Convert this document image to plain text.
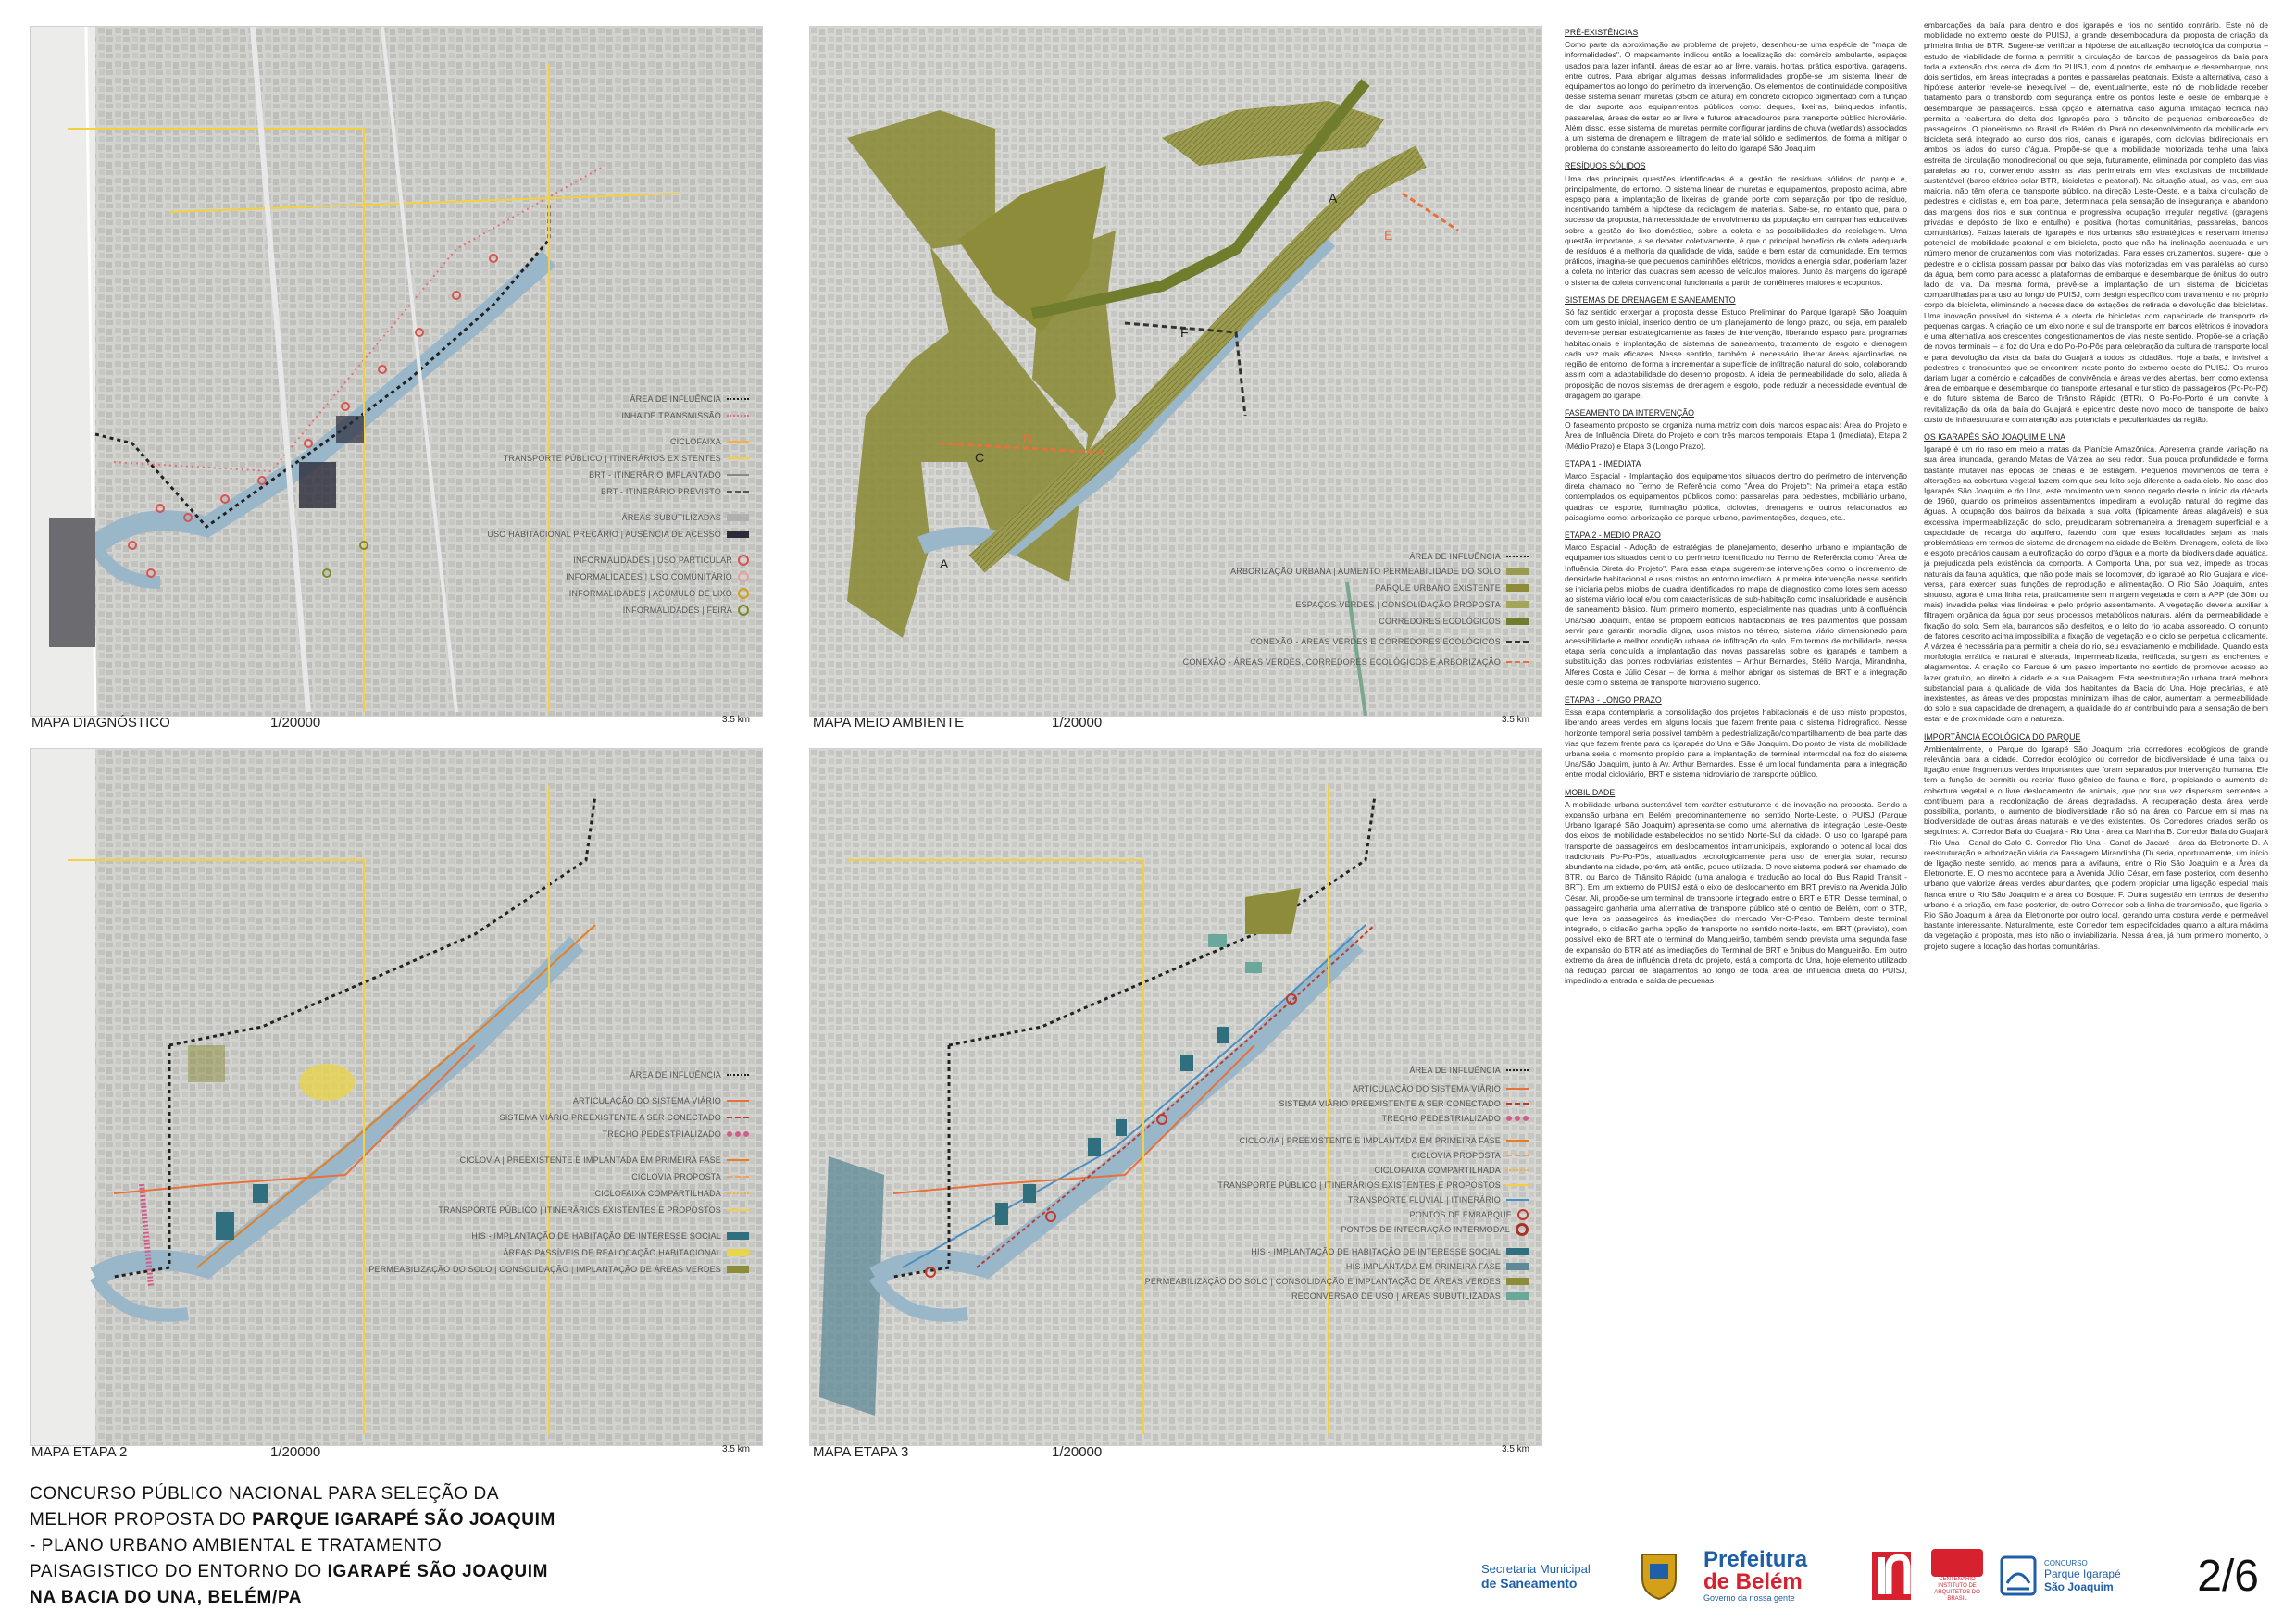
ÁREA DE INFLUÊNCIA
LINHA DE TRANSMISSÃO
CICLOFAIXA
TRANSPORTE PÚBLICO | ITINERÁRIOS EXISTENTES
BRT - ITINERÁRIO IMPLANTADO
BRT - ITINERÁRIO PREVISTO
ÁREAS SUBUTILIZADAS
USO HABITACIONAL PRECÁRIO | AUSÊNCIA DE ACESSO
INFORMALIDADES | USO PARTICULAR
INFORMALIDADES | USO COMUNITÁRIO
INFORMALIDADES | ACÚMULO DE LIXO
INFORMALIDADES | FEIRA
MAPA DIAGNÓSTICO	1/20000	3.5 km
A
C
A
E
F
D
ÁREA DE INFLUÊNCIA
ARBORIZAÇÃO URBANA | AUMENTO PERMEABILIDADE DO SOLO
PARQUE URBANO EXISTENTE
ESPAÇOS VERDES | CONSOLIDAÇÃO PROPOSTA
CORREDORES ECOLÓGICOS
CONEXÃO - ÁREAS VERDES E CORREDORES ECOLÓGICOS
CONEXÃO - ÁREAS VERDES, CORREDORES ECOLÓGICOS E ARBORIZAÇÃO
MAPA MEIO AMBIENTE	1/20000	3.5 km
ÁREA DE INFLUÊNCIA
ARTICULAÇÃO DO SISTEMA VIÁRIO
SISTEMA VIÁRIO PREEXISTENTE A SER CONECTADO
TRECHO PEDESTRIALIZADO
CICLOVIA | PREEXISTENTE E IMPLANTADA EM PRIMEIRA FASE
CICLOVIA PROPOSTA
CICLOFAIXA COMPARTILHADA
TRANSPORTE PÚBLICO | ITINERÁRIOS EXISTENTES E PROPOSTOS
HIS - IMPLANTAÇÃO DE HABITAÇÃO DE INTERESSE SOCIAL
ÁREAS PASSÍVEIS DE REALOCAÇÃO HABITACIONAL
PERMEABILIZAÇÃO DO SOLO | CONSOLIDAÇÃO | IMPLANTAÇÃO DE ÁREAS VERDES
MAPA ETAPA 2	1/20000	3.5 km
ÁREA DE INFLUÊNCIA
ARTICULAÇÃO DO SISTEMA VIÁRIO
SISTEMA VIÁRIO PREEXISTENTE A SER CONECTADO
TRECHO PEDESTRIALIZADO
CICLOVIA | PREEXISTENTE E IMPLANTADA EM PRIMEIRA FASE
CICLOVIA PROPOSTA
CICLOFAIXA COMPARTILHADA
TRANSPORTE PÚBLICO | ITINERÁRIOS EXISTENTES E PROPOSTOS
TRANSPORTE FLUVIAL | ITINERÁRIO
PONTOS DE EMBARQUE
PONTOS DE INTEGRAÇÃO INTERMODAL
HIS - IMPLANTAÇÃO DE HABITAÇÃO DE INTERESSE SOCIAL
HIS IMPLANTADA EM PRIMEIRA FASE
PERMEABILIZAÇÃO DO SOLO | CONSOLIDAÇÃO E IMPLANTAÇÃO DE ÁREAS VERDES
RECONVERSÃO DE USO | ÁREAS SUBUTILIZADAS
MAPA ETAPA 3	1/20000	3.5 km
PRÉ-EXISTÊNCIAS

Como parte da aproximação ao problema de projeto, desenhou-se uma espécie de "mapa de informalidades". O mapeamento indicou então a localização de: comércio ambulante, espaços usados para lazer infantil, áreas de estar ao ar livre, varais, hortas, prática esportiva, garagens, entre outros. Para abrigar algumas dessas informalidades propõe-se um sistema linear de equipamentos ao longo do perímetro da intervenção. Os elementos de continuidade compositiva desse sistema seriam muretas (35cm de altura) em concreto ciclópico pigmentado com a função de dar suporte aos equipamentos públicos como: deques, lixeiras, brinquedos infantis, passarelas, áreas de estar ao ar livre e futuros atracadouros para transporte público hidroviário. Além disso, esse sistema de muretas permite configurar jardins de chuva (wetlands) associados a um sistema de drenagem e filtragem de material sólido e sedimentos, de forma a mitigar o problema do constante assoreamento do leito do Igarapé São Joaquim.

RESÍDUOS SÓLIDOS

Uma das principais questões identificadas é a gestão de resíduos sólidos do parque e, principalmente, do entorno. O sistema linear de muretas e equipamentos, proposto acima, abre espaço para a implantação de lixeiras de grande porte com separação por tipo de resíduo, incentivando também a hipótese da reciclagem de materiais. Sabe-se, no entanto que, para o sucesso da proposta, há necessidade de envolvimento da população em campanhas educativas sobre a gestão do lixo doméstico, sobre a coleta e as possibilidades da reciclagem. Uma questão importante, a se debater coletivamente, é que o principal benefício da coleta adequada de resíduos é a melhoria da qualidade de vida, saúde e bem estar da comunidade. Em termos práticos, imagina-se que pequenos caminhões elétricos, movidos a energia solar, poderiam fazer a coleta no interior das quadras sem acesso de veículos maiores. Junto às margens do igarapé o sistema de coleta convencional funcionaria a partir de contêineres maiores e ecopontos.

SISTEMAS DE DRENAGEM E SANEAMENTO

Só faz sentido enxergar a proposta desse Estudo Preliminar do Parque Igarapé São Joaquim com um gesto inicial, inserido dentro de um planejamento de longo prazo, ou seja, em paralelo devem-se pensar estrategicamente as fases de intervenção, liberando espaço para programas habitacionais e implantação de sistemas de saneamento, tratamento de esgoto e drenagem cada vez mais eficazes. Nesse sentido, também é necessário liberar áreas ajardinadas na região de entorno, de forma a incrementar a superfície de infiltração natural do solo, colaborando assim com a adaptabilidade do desenho proposto. A ideia de permeabilidade do solo, aliada à proposição de novos sistemas de drenagem e esgoto, pode reduzir a necessidade eventual de dragagem do igarapé.

FASEAMENTO DA INTERVENÇÃO

O faseamento proposto se organiza numa matriz com dois marcos espaciais: Área do Projeto e Área de Influência Direta do Projeto e com três marcos temporais: Etapa 1 (Imediata), Etapa 2 (Médio Prazo) e Etapa 3 (Longo Prazo).

ETAPA 1 - IMEDIATA

Marco Espacial - Implantação dos equipamentos situados dentro do perímetro de intervenção direta chamado no Termo de Referência como "Área do Projeto": Na primeira etapa estão contemplados os equipamentos públicos como: passarelas para pedestres, mobiliário urbano, quadras de esporte, iluminação pública, ciclovias, drenagens e outros relacionados ao paisagismo como: arborização de parque urbano, pavimentações, deques, etc..

ETAPA 2 - MÉDIO PRAZO

Marco Espacial - Adoção de estratégias de planejamento, desenho urbano e implantação de equipamentos situados dentro do perímetro identificado no Termo de Referência como "Área de Influência Direta do Projeto". Para essa etapa sugerem-se intervenções como o incremento de densidade habitacional e usos mistos no entorno imediato. A primeira intervenção nesse sentido se iniciaria pelos miolos de quadra identificados no mapa de diagnóstico como lotes sem acesso ao sistema viário local e/ou com características de sub-habitação como insalubridade e ausência de saneamento básico. Num primeiro momento, especialmente nas quadras junto à confluência Una/São Joaquim, então se propõem edifícios habitacionais de três pavimentos que possam servir para garantir moradia digna, usos mistos no térreo, sistema viário dimensionado para acessibilidade e melhor condição urbana de infiltração do solo. Em termos de mobilidade, nessa etapa seria concluída a implantação das novas passarelas sobre os igarapés e também a substituição das pontes rodoviárias existentes – Arthur Bernardes, Stélio Maroja, Mirandinha, Alferes Costa e Júlio César – de forma a melhor abrigar os sistemas de BRT e a integração deste com o sistema de transporte hidroviário sugerido.

ETAPA3 - LONGO PRAZO

Essa etapa contemplaria a consolidação dos projetos habitacionais e de uso misto propostos, liberando áreas verdes em alguns locais que fazem frente para o sistema hidrográfico. Nesse horizonte temporal seria possível também a pedestrialização/compartilhamento de boa parte das vias que fazem frente para os igarapés do Una e São Joaquim. Do ponto de vista da mobilidade urbana seria o momento propício para a implantação de terminal intermodal na foz do sistema Una/São Joaquim, junto à Av. Arthur Bernardes. Esse é um local fundamental para a integração entre modal cicloviário, BRT e sistema hidroviário de transporte público.

MOBILIDADE

A mobilidade urbana sustentável tem caráter estruturante e de inovação na proposta. Sendo a expansão urbana em Belém predominantemente no sentido Norte-Leste, o PUISJ (Parque Urbano Igarapé São Joaquim) apresenta-se como uma alternativa de integração Leste-Oeste dos eixos de mobilidade estabelecidos no sentido Norte-Sul da cidade. O uso do Igarapé para transporte de passageiros em deslocamentos intramunicipais, explorando o potencial local dos tradicionais Po-Po-Pôs, atualizados tecnologicamente para uso de energia solar, recurso abundante na cidade, porém, até então, pouco utilizada. O novo sistema poderá ser chamado de BTR, ou Barco de Trânsito Rápido (uma analogia e tradução ao local do Bus Rapid Transit - BRT). Em um extremo do PUISJ está o eixo de deslocamento em BRT previsto na Avenida Júlio César. Ali, propõe-se um terminal de transporte integrado entre o BRT e BTR. Desse terminal, o passageiro ganharia uma alternativa de transporte público até o centro de Belém, com o BTR, que leva os passageiros às imediações do mercado Ver-O-Peso. Também deste terminal integrado, o cidadão ganha opção de transporte no sentido norte-leste, em BRT (previsto), com possível eixo de BRT até o terminal do Mangueirão, também sendo prevista uma segunda fase de expansão do BTR até as imediações do Terminal de BRT e ônibus do Mangueirão. Em outro extremo da área de influência direta do projeto, está a comporta do Una, hoje elemento utilizado na redução parcial de alagamentos ao longo de toda área de influência direta do PUISJ, impedindo a entrada e saída de pequenas

embarcações da baía para dentro e dos igarapés e rios no sentido contrário. Este nó de mobilidade no extremo oeste do PUISJ, a grande desembocadura da proposta de criação da primeira linha de BTR. Sugere-se verificar a hipótese de atualização tecnológica da comporta – estudo de viabilidade de forma a permitir a circulação de barcos de passageiros da baía para toda a extensão dos cerca de 4km do PUISJ, com 4 pontos de embarque e desembarque, nos dois sentidos, em áreas integradas a pontes e passarelas peatonais. Existe a alternativa, caso a hipótese anterior revele-se inexequível – de, eventualmente, este nó de mobilidade receber tratamento para o transbordo com segurança entre os pontos leste e oeste de embarque e desembarque de passageiros. Essa opção é alternativa caso alguma limitação técnica não permita a reabertura do delta dos Igarapés para o trânsito de pequenas embarcações de passageiros. O pioneirismo no Brasil de Belém do Pará no desenvolvimento da mobilidade em bicicleta será integrado ao curso dos rios, canais e igarapés, com ciclovias bidirecionais em ambos os lados do curso d'água. Propõe-se que a mobilidade motorizada tenha uma faixa estreita de circulação monodirecional ou que seja, futuramente, eliminada por completo das vias paralelas ao rio, convertendo assim as vias perimetrais em vias exclusivas de mobilidade sustentável (barco elétrico solar BTR, bicicletas e peatonal). Na situação atual, as vias, em sua maioria, não têm oferta de transporte público, na direção Leste-Oeste, e a baixa circulação de pedestres e ciclistas é, em boa parte, determinada pela sensação de insegurança e abandono das margens dos rios e sua contínua e progressiva ocupação irregular negativa (garagens privadas e depósito de lixo e entulho) e positiva (hortas comunitárias, passarelas, bancos comunitários). Faixas laterais de igarapés e rios urbanos são estratégicas e reservam imenso potencial de mobilidade peatonal e em bicicleta, posto que não há inclinação acentuada e um número menor de cruzamentos com vias motorizadas. Para esses cruzamentos, sugere- que o pedestre e o ciclista possam passar por baixo das vias motorizadas em vias paralelas ao curso da água, bem como para acesso a plataformas de embarque e desembarque de ônibus do outro lado da via. Da mesma forma, prevê-se a implantação de um sistema de bicicletas compartilhadas para uso ao longo do PUISJ, com design específico com travamento e no próprio corpo da bicicleta, eliminando a necessidade de estações de retirada e devolução das bicicletas. Uma inovação possível do sistema é a oferta de bicicletas com capacidade de transporte de pequenas cargas. A criação de um eixo norte e sul de transporte em barcos elétricos é inovadora e uma alternativa aos crescentes congestionamentos de vias neste sentido. Propõe-se a criação de novos terminais – a foz do Una e do Po-Po-Pôs para celebração da cultura de transporte local e para devolução da vista da baía do Guajará a todos os cidadãos. Hoje a baía, é invisível a pedestres e transeuntes que se encontrem neste ponto do extremo oeste do PUISJ. Os muros dariam lugar a comércio e calçadões de convivência e áreas verdes abertas, bem como extensa área de embarque e desembarque do transporte artesanal e turístico de passageiros (Po-Po-Pô) e do futuro sistema de Barco de Trânsito Rápido (BTR). O Po-Po-Porto é um convite à revitalização da orla da baía do Guajará e epicentro deste novo modo de transporte de baixo custo de infraestrutura e com atenção aos potenciais e peculiaridades da região.

OS IGARAPÉS SÃO JOAQUIM E UNA

Igarapé é um rio raso em meio a matas da Planície Amazônica. Apresenta grande variação na sua área inundada, gerando Matas de Várzea ao seu redor. Sua pouca profundidade e forma bastante mutável nas épocas de cheias e de estiagem. Pequenos movimentos de terra e alterações na cobertura vegetal fazem com que seu leito seja diferente a cada ciclo. No caso dos Igarapés São Joaquim e do Una, este movimento vem sendo negado desde o início da década de 1960, quando os primeiros assentamentos impediram a evolução natural do regime das águas. A ocupação dos bairros da baixada a sua volta (tipicamente áreas alagáveis) e sua excessiva impermeabilização do solo, prejudicaram sobremaneira a drenagem superficial e a capacidade de recarga do aquífero, fazendo com que estas localidades sejam as mais problemáticas em termos de sistema de drenagem na cidade de Belém. Drenagem, coleta de lixo e esgoto precários causam a eutrofização do corpo d'água e a morte da biodiversidade aquática, já prejudicada pela existência da comporta. A Comporta Una, por sua vez, impede as trocas naturais da fauna aquática, que não pode mais se locomover, do igarapé ao Rio Guajará e vice-versa, para exercer suas funções de reprodução e alimentação. O Rio São Joaquim, antes sinuoso, agora é uma linha reta, praticamente sem margem vegetada e com a APP (de 30m ou mais) invadida pelas vias lindeiras e pelo próprio assentamento. A vegetação deveria auxiliar a filtragem orgânica da água por seus processos metabólicos naturais, além da permeabilidade e fixação do solo. Sem ela, barrancos são desfeitos, e o leito do rio acaba assoreado. O conjunto de fatores descrito acima impossibilita a fixação de vegetação e o ciclo se perpetua ciclicamente. A várzea é necessária para permitir a cheia do rio, seu esvaziamento e mobilidade. Quando esta morfologia errática e natural é alterada, impermeabilizada, retificada, surgem as enchentes e alagamentos. A criação do Parque é um passo importante no sentido de promover acesso ao lazer gratuito, ao direito à cidade e a sua Paisagem. Esta reestruturação urbana trará melhora substancial para a qualidade de vida dos habitantes da Bacia do Una. Hoje precárias, e até inexistentes, as áreas verdes propostas minimizam ilhas de calor, aumentam a permeabilidade do solo e sua capacidade de drenagem, a qualidade do ar contribuindo para a sensação de bem estar e de proximidade com a natureza.

IMPORTÂNCIA ECOLÓGICA DO PARQUE

Ambientalmente, o Parque do Igarapé São Joaquim cria corredores ecológicos de grande relevância para a cidade. Corredor ecológico ou corredor de biodiversidade é uma faixa ou ligação entre fragmentos verdes importantes que foram separados por intervenção humana. Ele tem a função de permitir ou recriar fluxo gênico de fauna e flora, propiciando o aumento de cobertura vegetal e o livre deslocamento de animais, que por sua vez dispersam sementes e contribuem para a recolonização de áreas degradadas. A recuperação desta área verde possibilita, portanto, o aumento de biodiversidade não só na área do Parque em si mas na biodiversidade de outras áreas naturais e verdes existentes. Os Corredores criados serão os seguintes: A. Corredor Baía do Guajará - Rio Una - área da Marinha B. Corredor Baía do Guajará - Rio Una - Canal do Galo C. Corredor Rio Una - Canal do Jacaré - área da Eletronorte D. A reestruturação e arborização viária da Passagem Mirandinha (D) seria, oportunamente, um início de ligação neste sentido, ao menos para a avifauna, entre o Rio São Joaquim e a Área da Eletronorte. E. O mesmo acontece para a Avenida Júlio César, em fase posterior, com desenho urbano que valorize áreas verdes abundantes, que podem propiciar uma ligação especial mais franca entre o Rio São Joaquim e a área do Bosque. F. Outra sugestão em termos de desenho urbano é a criação, em fase posterior, de outro Corredor sob a linha de transmissão, que ligaria o Rio São Joaquim à área da Eletronorte por outro local, gerando uma costura verde e permeável bastante interessante. Naturalmente, este Corredor tem especificidades quanto a altura máxima da vegetação a proposta, mas isto não o inviabilizaria. Nessa área, já num primeiro momento, o projeto sugere a locação das hortas comunitárias.

CONCURSO PÚBLICO NACIONAL PARA SELEÇÃO DA
MELHOR PROPOSTA DO PARQUE IGARAPÉ SÃO JOAQUIM
- PLANO URBANO AMBIENTAL E TRATAMENTO
PAISAGISTICO DO ENTORNO DO IGARAPÉ SÃO JOAQUIM
NA BACIA DO UNA, BELÉM/PA
Secretaria Municipal
de Saneamento
Prefeitura
de Belém
Governo da nossa gente
CENTENÁRIO INSTITUTO DE ARQUITETOS DO BRASIL
CONCURSO
Parque Igarapé
São Joaquim 2/6
